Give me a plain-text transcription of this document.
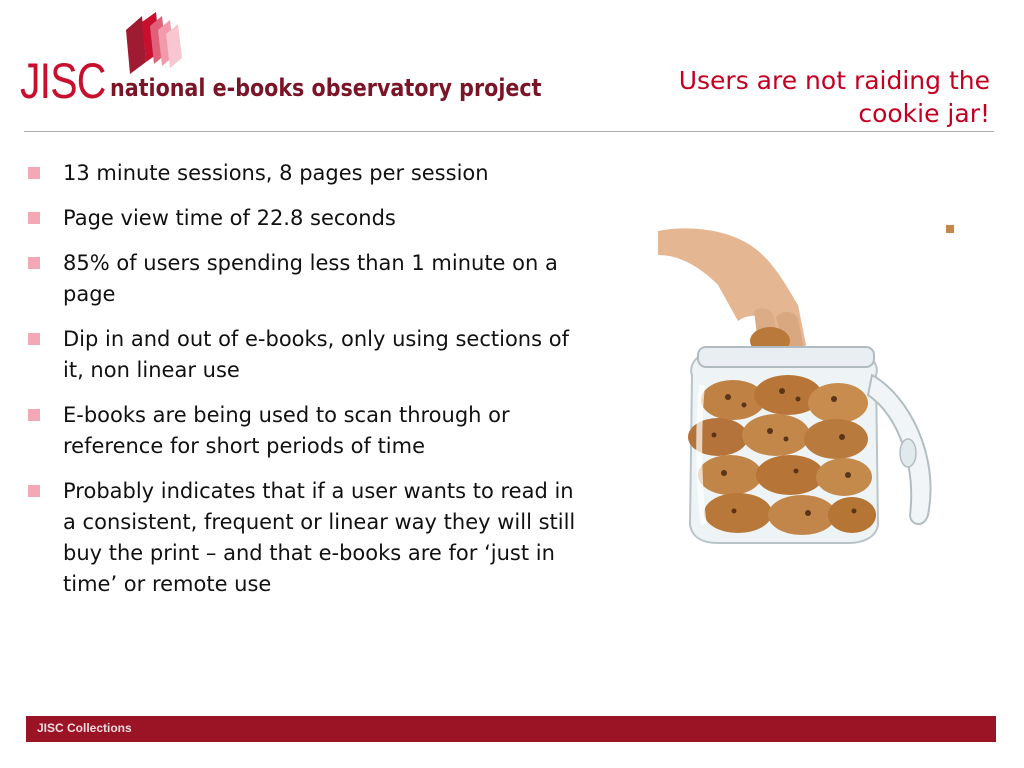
JISC national e-books observatory project	Users are not raiding the
cookie jar!
13 minute sessions, 8 pages per session
Page view time of 22.8 seconds
85% of users spending less than 1 minute on a page
Dip in and out of e-books, only using sections of it, non linear use
E-books are being used to scan through or reference for short periods of time
Probably indicates that if a user wants to read in a consistent, frequent or linear way they will still buy the print – and that e-books are for ‘just in time’ or remote use
JISC Collections
